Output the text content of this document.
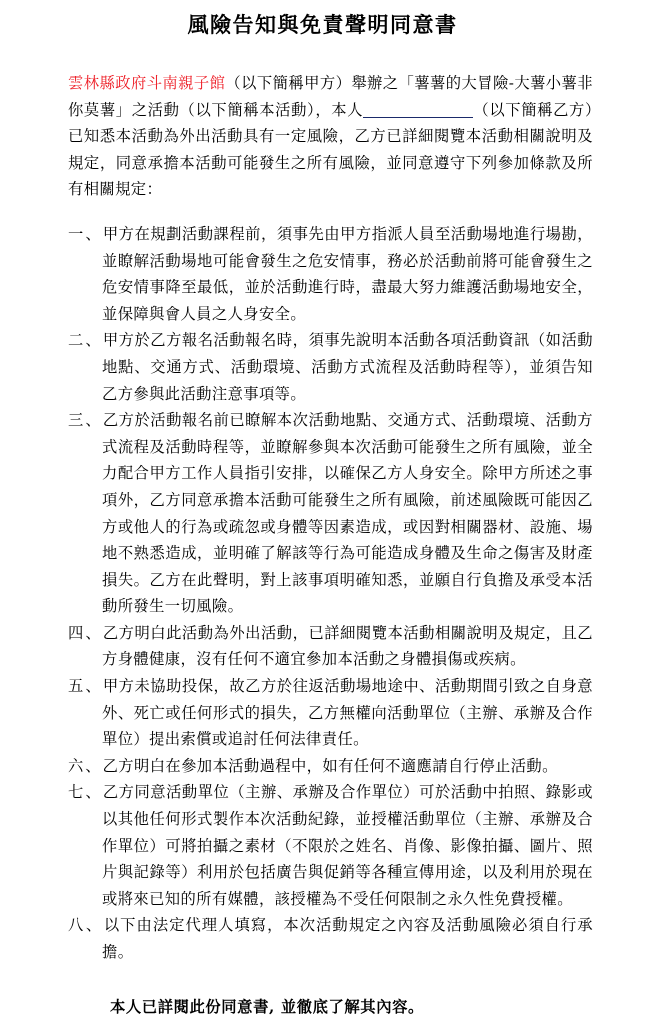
風險告知與免責聲明同意書

雲林縣政府斗南親子館（以下簡稱甲方）舉辦之「薯薯的大冒險-大薯小薯非你莫薯」之活動（以下簡稱本活動），本人	（以下簡稱乙方）已知悉本活動為外出活動具有一定風險，乙方已詳細閱覽本活動相關說明及規定，同意承擔本活動可能發生之所有風險，並同意遵守下列參加條款及所有相關規定：

一、甲方在規劃活動課程前，須事先由甲方指派人員至活動場地進行場勘，並瞭解活動場地可能會發生之危安情事，務必於活動前將可能會發生之危安情事降至最低，並於活動進行時，盡最大努力維護活動場地安全，並保障與會人員之人身安全。
二、甲方於乙方報名活動報名時，須事先說明本活動各項活動資訊（如活動地點、交通方式、活動環境、活動方式流程及活動時程等），並須告知乙方參與此活動注意事項等。
三、乙方於活動報名前已瞭解本次活動地點、交通方式、活動環境、活動方式流程及活動時程等，並瞭解參與本次活動可能發生之所有風險，並全力配合甲方工作人員指引安排，以確保乙方人身安全。除甲方所述之事項外，乙方同意承擔本活動可能發生之所有風險，前述風險既可能因乙方或他人的行為或疏忽或身體等因素造成，或因對相關器材、設施、場地不熟悉造成，並明確了解該等行為可能造成身體及生命之傷害及財產損失。乙方在此聲明，對上該事項明確知悉，並願自行負擔及承受本活動所發生一切風險。
四、乙方明白此活動為外出活動，已詳細閱覽本活動相關說明及規定，且乙方身體健康，沒有任何不適宜參加本活動之身體損傷或疾病。
五、甲方未協助投保，故乙方於往返活動場地途中、活動期間引致之自身意外、死亡或任何形式的損失，乙方無權向活動單位（主辦、承辦及合作單位）提出索償或追討任何法律責任。
六、乙方明白在參加本活動過程中，如有任何不適應請自行停止活動。
七、乙方同意活動單位（主辦、承辦及合作單位）可於活動中拍照、錄影或以其他任何形式製作本次活動紀錄，並授權活動單位（主辦、承辦及合作單位）可將拍攝之素材（不限於之姓名、肖像、影像拍攝、圖片、照片與記錄等）利用於包括廣告與促銷等各種宣傳用途，以及利用於現在或將來已知的所有媒體，該授權為不受任何限制之永久性免費授權。
八、以下由法定代理人填寫，本次活動規定之內容及活動風險必須自行承擔。

本人已詳閱此份同意書, 並徹底了解其內容。
